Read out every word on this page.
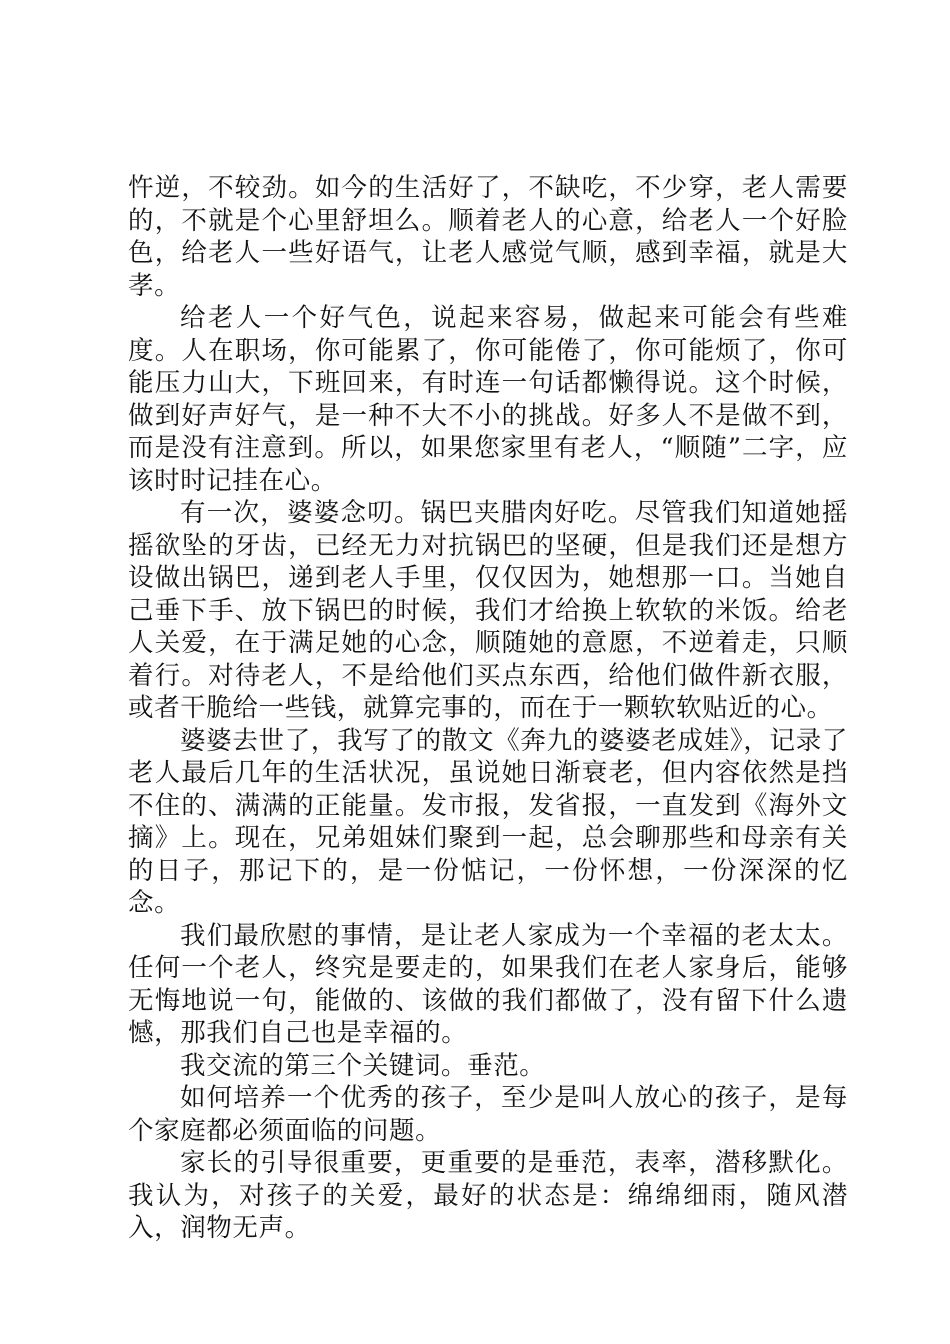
忤逆，不较劲。如今的生活好了，不缺吃，不少穿，老人需要的，不就是个心里舒坦么。顺着老人的心意，给老人一个好脸色，给老人一些好语气，让老人感觉气顺，感到幸福，就是大孝。

给老人一个好气色，说起来容易，做起来可能会有些难度。人在职场，你可能累了，你可能倦了，你可能烦了，你可能压力山大，下班回来，有时连一句话都懒得说。这个时候，做到好声好气，是一种不大不小的挑战。好多人不是做不到，而是没有注意到。所以，如果您家里有老人，“顺随”二字，应该时时记挂在心。

有一次，婆婆念叨。锅巴夹腊肉好吃。尽管我们知道她摇摇欲坠的牙齿，已经无力对抗锅巴的坚硬，但是我们还是想方设做出锅巴，递到老人手里，仅仅因为，她想那一口。当她自己垂下手、放下锅巴的时候，我们才给换上软软的米饭。给老人关爱，在于满足她的心念，顺随她的意愿，不逆着走，只顺着行。对待老人，不是给他们买点东西，给他们做件新衣服，或者干脆给一些钱，就算完事的，而在于一颗软软贴近的心。

婆婆去世了，我写了的散文《奔九的婆婆老成娃》，记录了老人最后几年的生活状况，虽说她日渐衰老，但内容依然是挡不住的、满满的正能量。发市报，发省报，一直发到《海外文摘》上。现在，兄弟姐妹们聚到一起，总会聊那些和母亲有关的日子，那记下的，是一份惦记，一份怀想，一份深深的忆念。

我们最欣慰的事情，是让老人家成为一个幸福的老太太。任何一个老人，终究是要走的，如果我们在老人家身后，能够无悔地说一句，能做的、该做的我们都做了，没有留下什么遗憾，那我们自己也是幸福的。

我交流的第三个关键词。垂范。

如何培养一个优秀的孩子，至少是叫人放心的孩子，是每个家庭都必须面临的问题。

家长的引导很重要，更重要的是垂范，表率，潜移默化。我认为，对孩子的关爱，最好的状态是：绵绵细雨，随风潜入，润物无声。
